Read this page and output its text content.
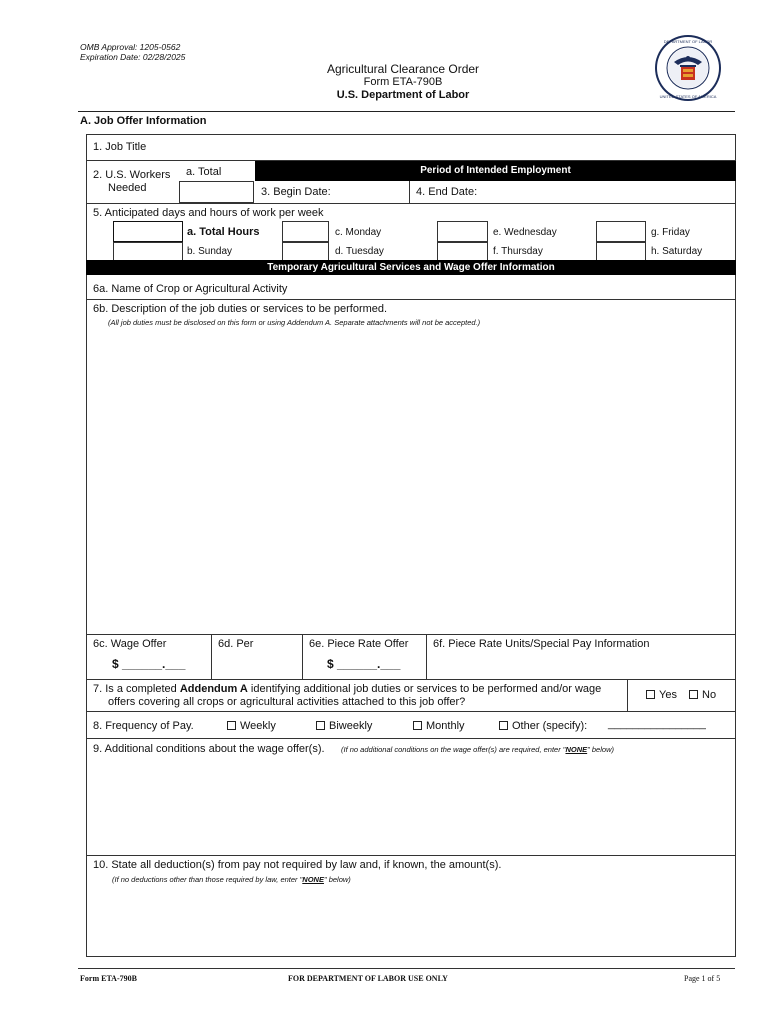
OMB Approval: 1205-0562
Expiration Date: 02/28/2025
Agricultural Clearance Order
Form ETA-790B
U.S. Department of Labor
DEPARTMENT OF LABOR
UNITED STATES OF AMERICA
A. Job Offer Information
1. Job Title
2. U.S. Workers
Needed
a. Total	Period of Intended Employment
3. Begin Date:	4. End Date:
5. Anticipated days and hours of work per week
a. Total Hours	c. Monday	e. Wednesday	g. Friday
b. Sunday	d. Tuesday	f. Thursday	h. Saturday
Temporary Agricultural Services and Wage Offer Information
6a. Name of Crop or Agricultural Activity
6b. Description of the job duties or services to be performed.
(All job duties must be disclosed on this form or using Addendum A. Separate attachments will not be accepted.)
6c. Wage Offer
$ ______.___
6d. Per	6e. Piece Rate Offer
$ ______.___
6f. Piece Rate Units/Special Pay Information
7. Is a completed Addendum A identifying additional job duties or services to be performed and/or wage
offers covering all crops or agricultural activities attached to this job offer?
Yes	No
8. Frequency of Pay.	Weekly	Biweekly	Monthly	Other (specify): ________________
9. Additional conditions about the wage offer(s). (If no additional conditions on the wage offer(s) are required, enter "NONE" below)
10. State all deduction(s) from pay not required by law and, if known, the amount(s).
(If no deductions other than those required by law, enter "NONE" below)
Form ETA-790B	FOR DEPARTMENT OF LABOR USE ONLY	Page 1 of 5
